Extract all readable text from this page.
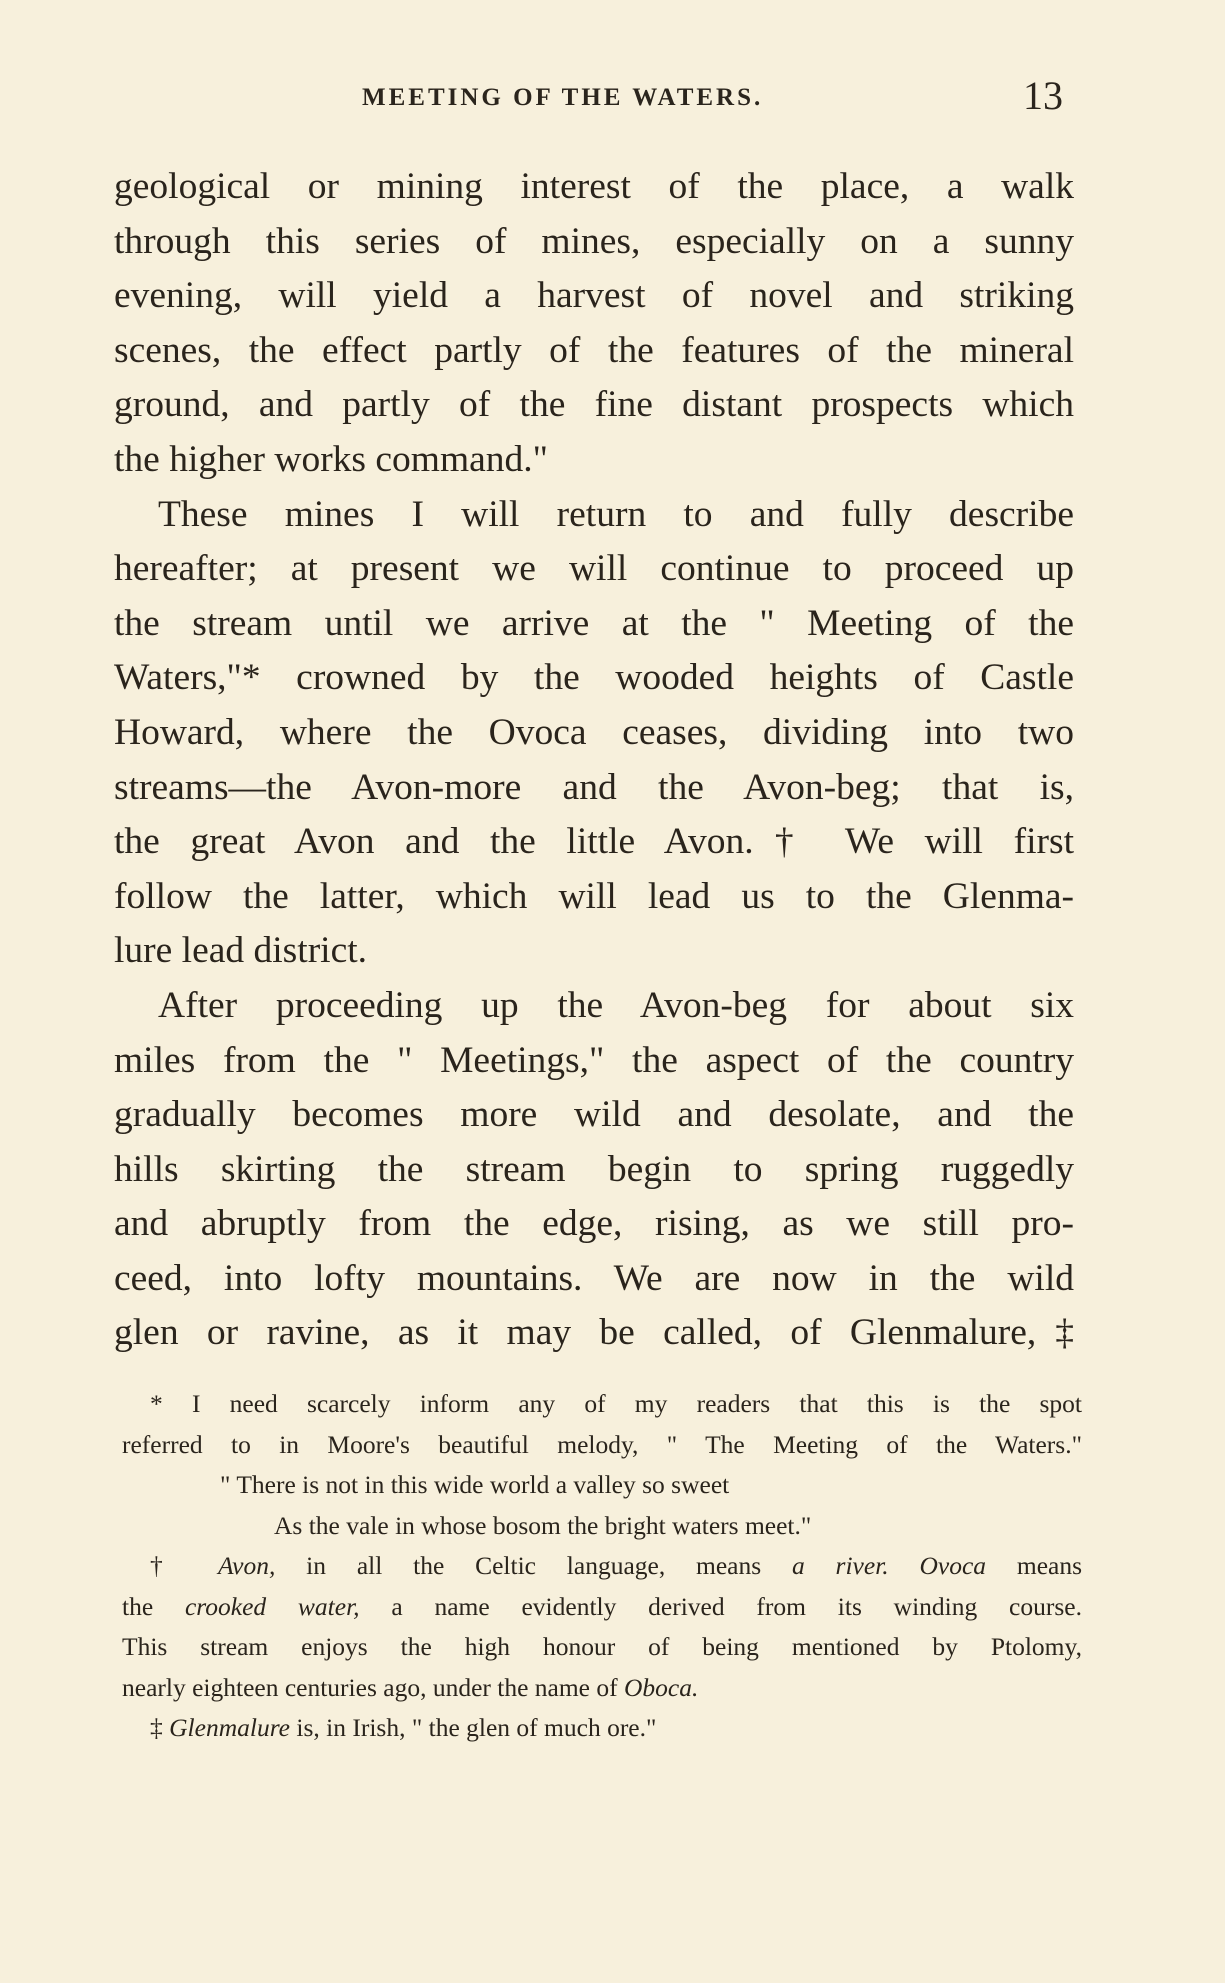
MEETING OF THE WATERS.	13
geological or mining interest of the place, a walk
through this series of mines, especially on a sunny
evening, will yield a harvest of novel and striking
scenes, the effect partly of the features of the mineral
ground, and partly of the fine distant prospects which
the higher works command."
These mines I will return to and fully describe
hereafter; at present we will continue to proceed up
the stream until we arrive at the " Meeting of the
Waters,"* crowned by the wooded heights of Castle
Howard, where the Ovoca ceases, dividing into two
streams—the Avon-more and the Avon-beg; that is,
the great Avon and the little Avon.† We will first
follow the latter, which will lead us to the Glenma-
lure lead district.
After proceeding up the Avon-beg for about six
miles from the " Meetings," the aspect of the country
gradually becomes more wild and desolate, and the
hills skirting the stream begin to spring ruggedly
and abruptly from the edge, rising, as we still pro-
ceed, into lofty mountains. We are now in the wild
glen or ravine, as it may be called, of Glenmalure,‡
* I need scarcely inform any of my readers that this is the spot
referred to in Moore's beautiful melody, " The Meeting of the Waters."
" There is not in this wide world a valley so sweet
As the vale in whose bosom the bright waters meet."
† Avon, in all the Celtic language, means a river. Ovoca means
the crooked water, a name evidently derived from its winding course.
This stream enjoys the high honour of being mentioned by Ptolomy,
nearly eighteen centuries ago, under the name of Oboca.
‡ Glenmalure is, in Irish, " the glen of much ore."
